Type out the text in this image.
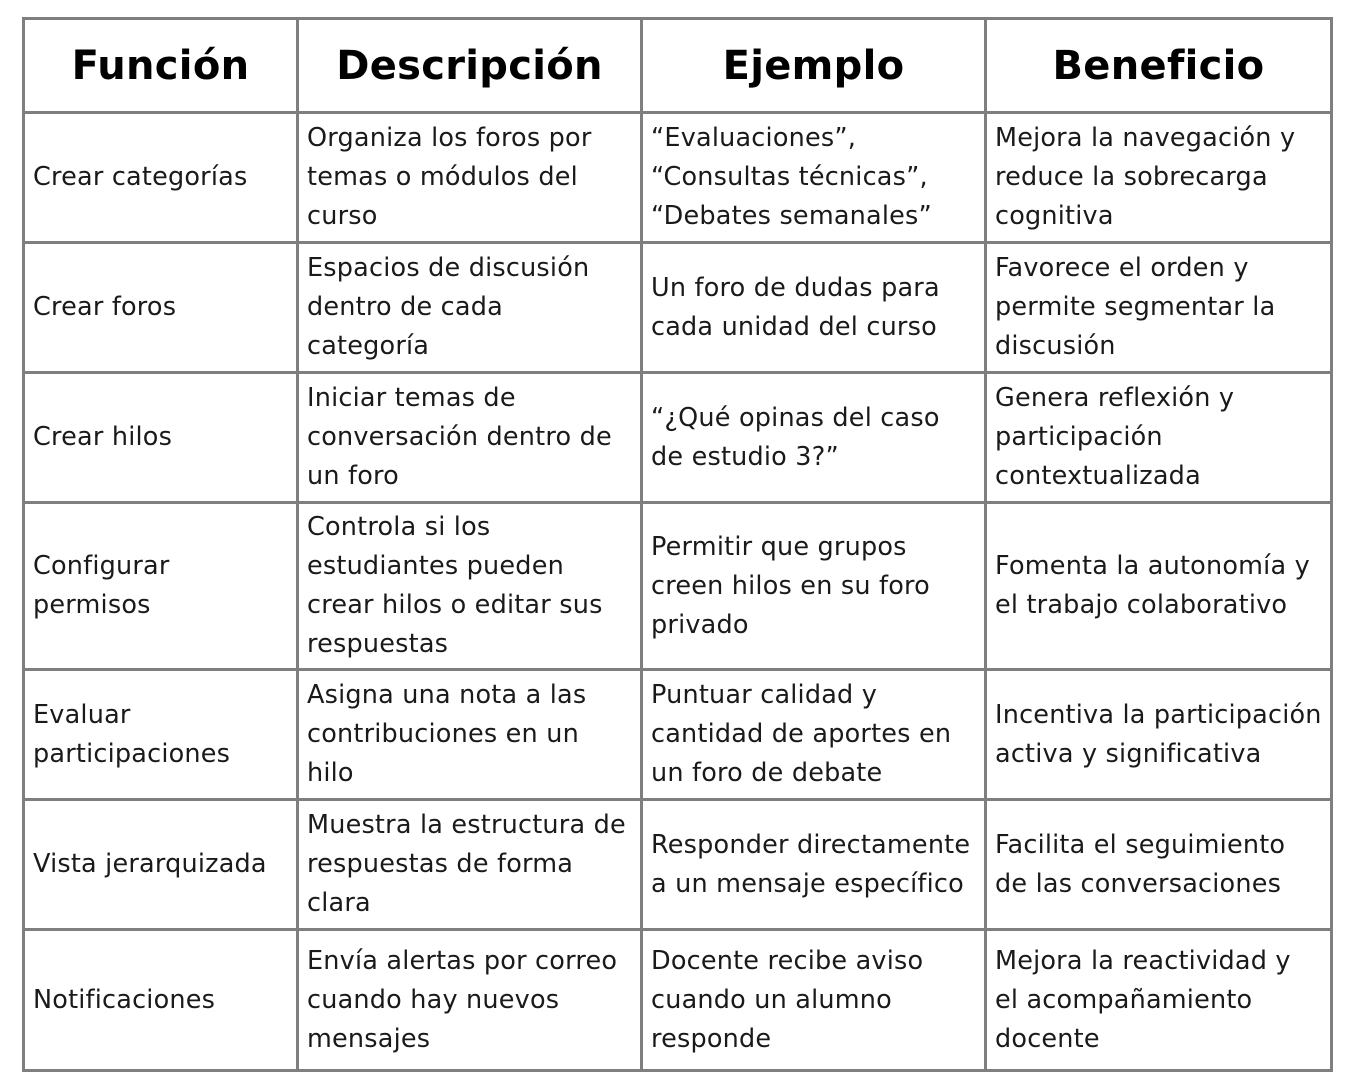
Función	Descripción	Ejemplo	Beneficio
Crear categorías	Organiza los foros por temas o módulos del curso	“Evaluaciones”, “Consultas técnicas”, “Debates semanales”	Mejora la navegación y reduce la sobrecarga cognitiva
Crear foros	Espacios de discusión dentro de cada categoría	Un foro de dudas para cada unidad del curso	Favorece el orden y permite segmentar la discusión
Crear hilos	Iniciar temas de conversación dentro de un foro	“¿Qué opinas del caso de estudio 3?”	Genera reflexión y participación contextualizada
Configurar permisos	Controla si los estudiantes pueden crear hilos o editar sus respuestas	Permitir que grupos creen hilos en su foro privado	Fomenta la autonomía y el trabajo colaborativo
Evaluar participaciones	Asigna una nota a las contribuciones en un hilo	Puntuar calidad y cantidad de aportes en un foro de debate	Incentiva la participación activa y significativa
Vista jerarquizada	Muestra la estructura de respuestas de forma clara	Responder directamente a un mensaje específico	Facilita el seguimiento de las conversaciones
Notificaciones	Envía alertas por correo cuando hay nuevos mensajes	Docente recibe aviso cuando un alumno responde	Mejora la reactividad y el acompañamiento docente
